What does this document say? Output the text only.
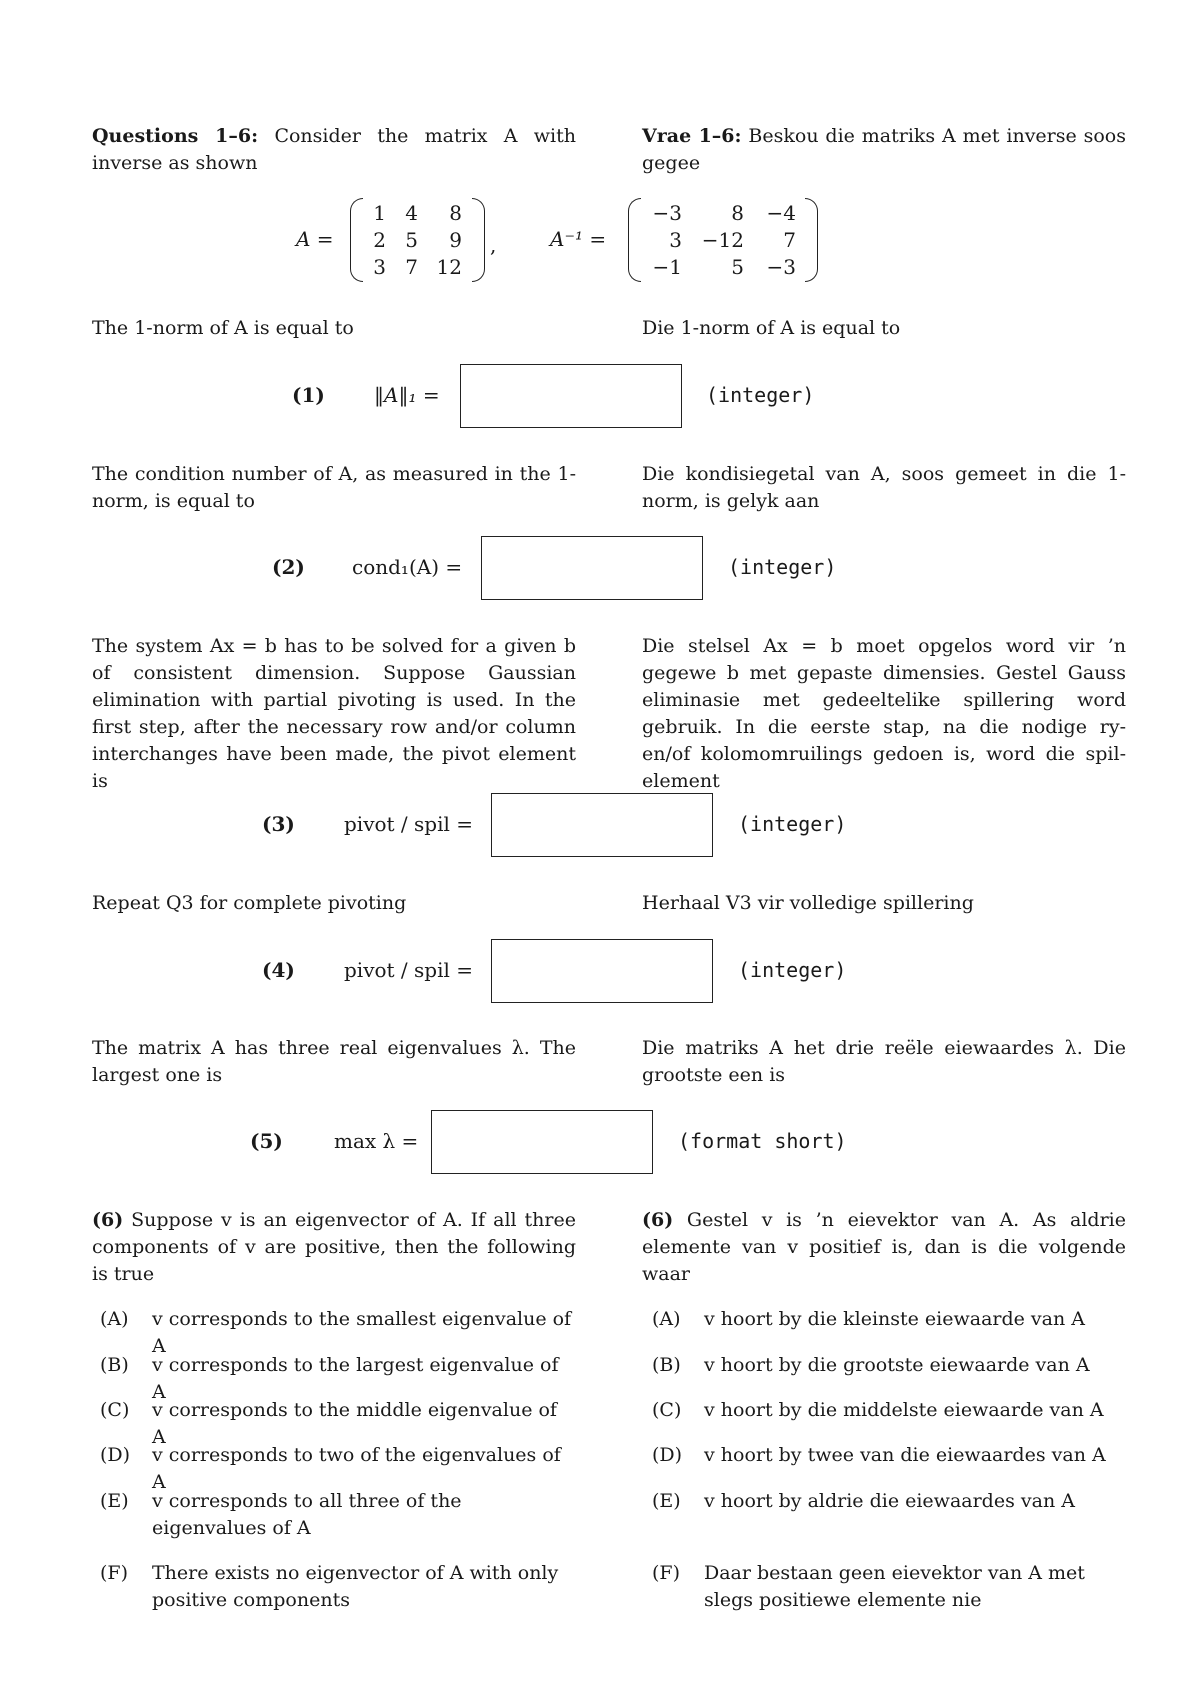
Questions 1–6: Consider the matrix A with inverse as shown
Vrae 1–6: Beskou die matriks A met inverse soos gegee
A =
1 4	8
2 5	9
3 7 12
,	A⁻¹ =
−3	8	−4
3 −12	7
−1	5	−3
The 1-norm of A is equal to	Die 1-norm of A is equal to
(1) ‖A‖₁ =	(integer)
The condition number of A, as measured in the 1-norm, is equal to
Die kondisiegetal van A, soos gemeet in die 1-norm, is gelyk aan
(2) cond₁(A) =	(integer)
The system Ax = b has to be solved for a given b of consistent dimension. Suppose Gaussian elimination with partial pivoting is used. In the first step, after the necessary row and/or column interchanges have been made, the pivot element is
Die stelsel Ax = b moet opgelos word vir ’n gegewe b met gepaste dimensies. Gestel Gauss eliminasie met gedeeltelike spillering word gebruik. In die eerste stap, na die nodige ry- en/of kolomomruilings gedoen is, word die spil-element
(3) pivot / spil =	(integer)
Repeat Q3 for complete pivoting	Herhaal V3 vir volledige spillering
(4) pivot / spil =	(integer)
The matrix A has three real eigenvalues λ. The largest one is
Die matriks A het drie reële eiewaardes λ. Die grootste een is
(5)	max λ =	(format short)
(6) Suppose v is an eigenvector of A. If all three components of v are positive, then the following is true
(6) Gestel v is ’n eievektor van A. As aldrie elemente van v positief is, dan is die volgende waar
(A)	v corresponds to the smallest eigenvalue of A
(B)	v corresponds to the largest eigenvalue of A
(C)	v corresponds to the middle eigenvalue of A
(D)	v corresponds to two of the eigenvalues of A
(E)	v corresponds to all three of the eigenvalues of A
(F)	There exists no eigenvector of A with only positive components
(A)	v hoort by die kleinste eiewaarde van A
(B)	v hoort by die grootste eiewaarde van A
(C)	v hoort by die middelste eiewaarde van A
(D)	v hoort by twee van die eiewaardes van A
(E)	v hoort by aldrie die eiewaardes van A
(F)	Daar bestaan geen eievektor van A met slegs positiewe elemente nie
